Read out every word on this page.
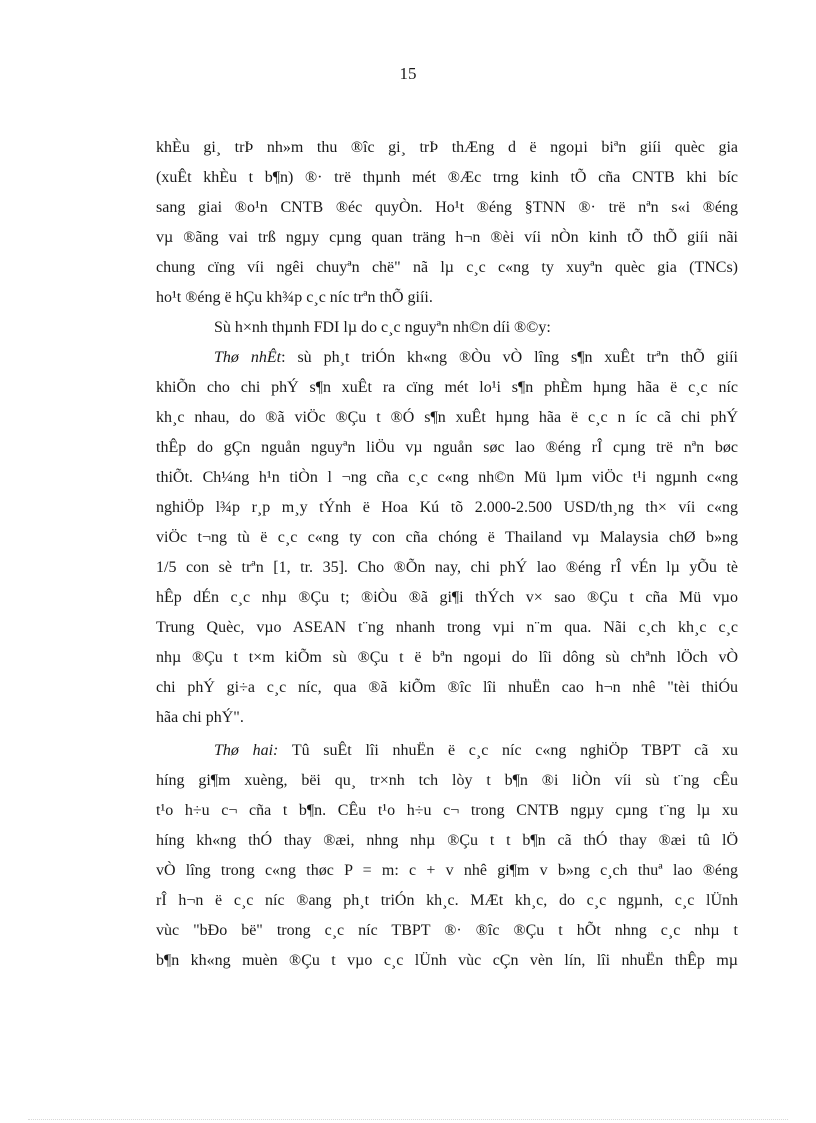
15
khÈu gi¸ trÞ nh»m thu ®îc gi¸ trÞ thÆng d ë ngoµi biªn giíi quèc gia
(xuÊt khÈu t b¶n) ®· trë thµnh mét ®Æc trng kinh tÕ cña CNTB khi bíc
sang giai ®o¹n CNTB ®éc quyÒn. Ho¹t ®éng §TNN ®· trë nªn s«i ®éng
vµ ®ãng vai trß ngµy cµng quan träng h¬n ®èi víi nÒn kinh tÕ thÕ giíi nãi
chung cïng víi ngêi chuyªn chë" nã lµ c¸c c«ng ty xuyªn quèc gia (TNCs)
ho¹t ®éng ë hÇu kh¾p c¸c níc trªn thÕ giíi.
Sù h×nh thµnh FDI lµ do c¸c nguyªn nh©n díi ®©y:
Thø nhÊt: sù ph¸t triÓn kh«ng ®Òu vÒ lîng s¶n xuÊt trªn thÕ giíi
khiÕn cho chi phÝ s¶n xuÊt ra cïng mét lo¹i s¶n phÈm hµng hãa ë c¸c níc
kh¸c nhau, do ®ã viÖc ®Çu t ®Ó s¶n xuÊt hµng hãa ë c¸c n íc cã chi phÝ
thÊp do gÇn nguån nguyªn liÖu vµ nguån søc lao ®éng rÎ cµng trë nªn bøc
thiÕt. Ch¼ng h¹n tiÒn l ¬ng cña c¸c c«ng nh©n Mü lµm viÖc t¹i ngµnh c«ng
nghiÖp l¾p r¸p m¸y tÝnh ë Hoa Kú tõ 2.000-2.500 USD/th¸ng th× víi c«ng
viÖc t¬ng tù ë c¸c c«ng ty con cña chóng ë Thailand vµ Malaysia chØ b»ng
1/5 con sè trªn [1, tr. 35]. Cho ®Õn nay, chi phÝ lao ®éng rÎ vÉn lµ yÕu tè
hÊp dÉn c¸c nhµ ®Çu t; ®iÒu ®ã gi¶i thÝch v× sao ®Çu t cña Mü vµo
Trung Quèc, vµo ASEAN t¨ng nhanh trong vµi n¨m qua. Nãi c¸ch kh¸c c¸c
nhµ ®Çu t t×m kiÕm sù ®Çu t ë bªn ngoµi do lîi dông sù chªnh lÖch vÒ
chi phÝ gi÷a c¸c níc, qua ®ã kiÕm ®îc lîi nhuËn cao h¬n nhê "tèi thiÓu
hãa chi phÝ".
Thø hai: Tû suÊt lîi nhuËn ë c¸c níc c«ng nghiÖp TBPT cã xu
híng gi¶m xuèng, bëi qu¸ tr×nh tch lòy t b¶n ®i liÒn víi sù t¨ng cÊu
t¹o h÷u c¬ cña t b¶n. CÊu t¹o h÷u c¬ trong CNTB ngµy cµng t¨ng lµ xu
híng kh«ng thÓ thay ®æi, nhng nhµ ®Çu t t b¶n cã thÓ thay ®æi tû lÖ
vÒ lîng trong c«ng thøc P = m: c + v nhê gi¶m v b»ng c¸ch thuª lao ®éng
rÎ h¬n ë c¸c níc ®ang ph¸t triÓn kh¸c. MÆt kh¸c, do c¸c ngµnh, c¸c lÜnh
vùc "bÐo bë" trong c¸c níc TBPT ®· ®îc ®Çu t hÕt nhng c¸c nhµ t
b¶n kh«ng muèn ®Çu t vµo c¸c lÜnh vùc cÇn vèn lín, lîi nhuËn thÊp mµ
